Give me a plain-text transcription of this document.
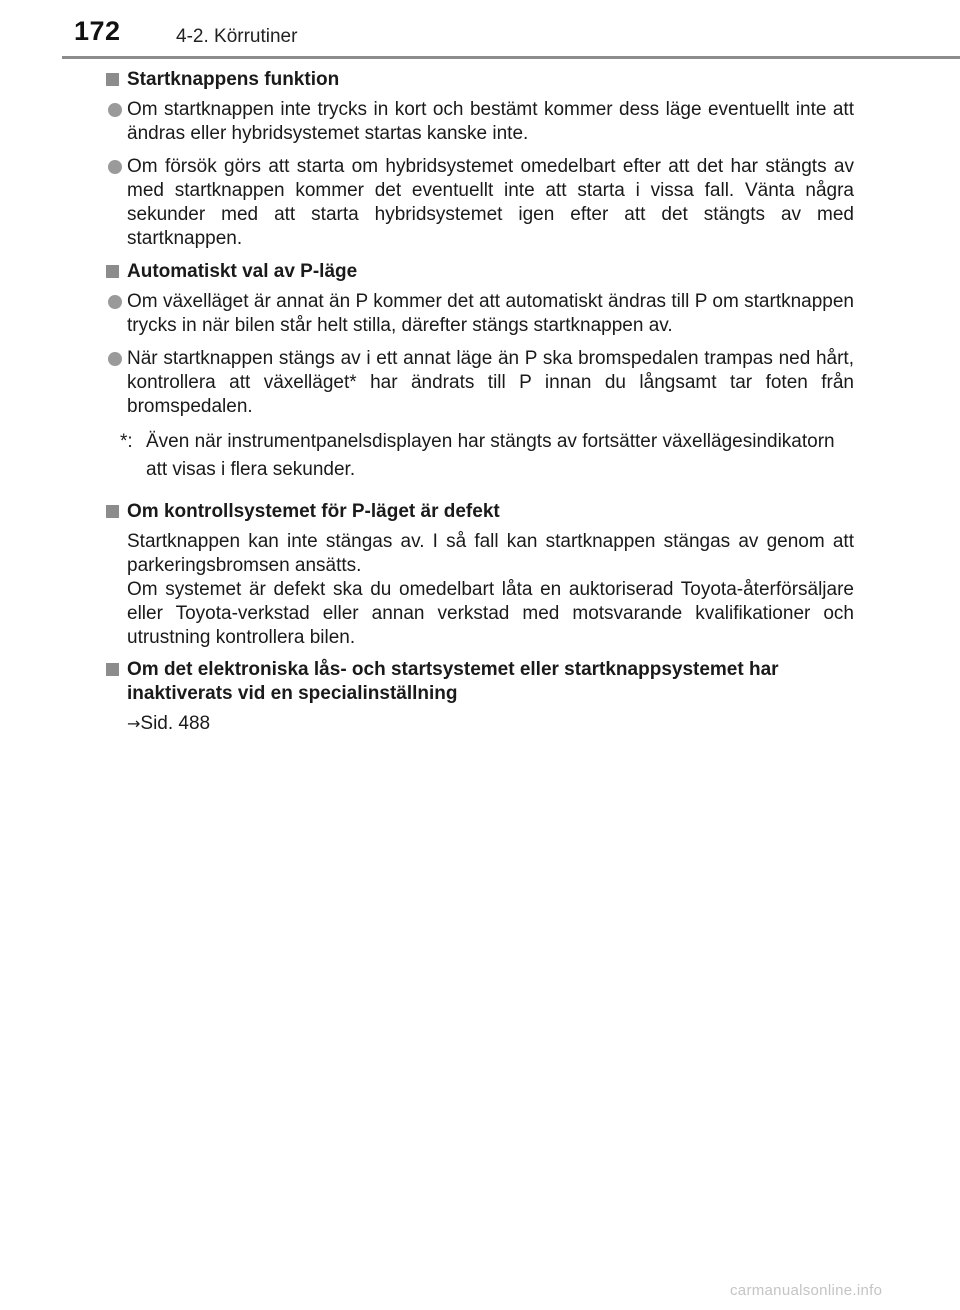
172	4-2. Körrutiner
Startknappens funktion
Om startknappen inte trycks in kort och bestämt kommer dess läge eventuellt inte att ändras eller hybridsystemet startas kanske inte.
Om försök görs att starta om hybridsystemet omedelbart efter att det har stängts av med startknappen kommer det eventuellt inte att starta i vissa fall. Vänta några sekunder med att starta hybridsystemet igen efter att det stängts av med startknappen.
Automatiskt val av P-läge
Om växelläget är annat än P kommer det att automatiskt ändras till P om startknappen trycks in när bilen står helt stilla, därefter stängs startknappen av.
När startknappen stängs av i ett annat läge än P ska bromspedalen trampas ned hårt, kontrollera att växelläget* har ändrats till P innan du långsamt tar foten från bromspedalen.
*: Även när instrumentpanelsdisplayen har stängts av fortsätter växellägesindikatorn att visas i flera sekunder.
Om kontrollsystemet för P-läget är defekt
Startknappen kan inte stängas av. I så fall kan startknappen stängas av genom att parkeringsbromsen ansätts.
Om systemet är defekt ska du omedelbart låta en auktoriserad Toyota-återförsäljare eller Toyota-verkstad eller annan verkstad med motsvarande kvalifikationer och utrustning kontrollera bilen.
Om det elektroniska lås- och startsystemet eller startknappsystemet har inaktiverats vid en specialinställning
→Sid. 488
carmanualsonline.info
